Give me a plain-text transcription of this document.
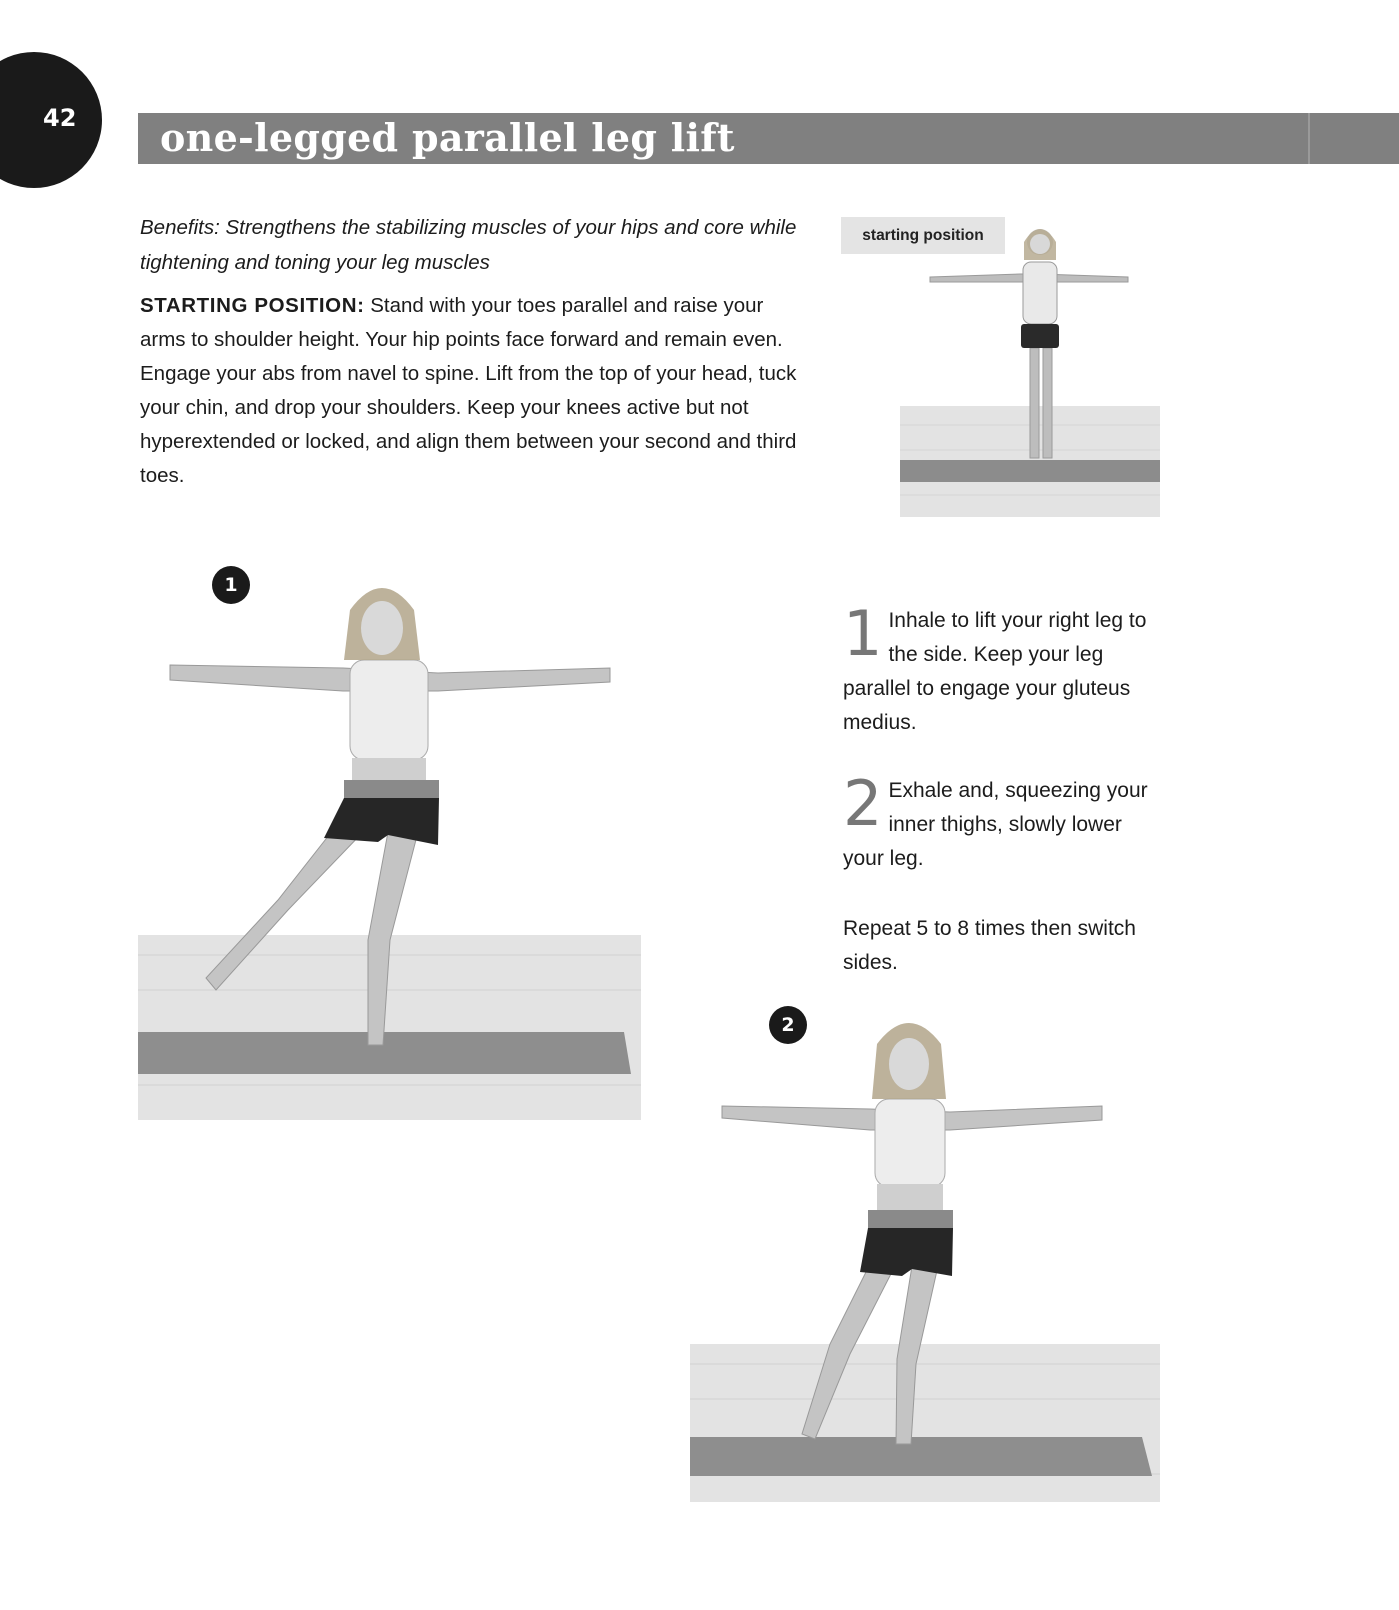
42 one-legged parallel leg lift

Benefits: Strengthens the stabilizing muscles of your hips and core while tightening and toning your leg muscles

STARTING POSITION: Stand with your toes parallel and raise your arms to shoulder height. Your hip points face forward and remain even. Engage your abs from navel to spine. Lift from the top of your head, tuck your chin, and drop your shoulders. Keep your knees active but not hyperextended or locked, and align them between your second and third toes.

starting position
1
1 Inhale to lift your right leg to the side. Keep your leg parallel to engage your gluteus medius.
2 Exhale and, squeezing your inner thighs, slowly lower your leg.
Repeat 5 to 8 times then switch sides.
2
